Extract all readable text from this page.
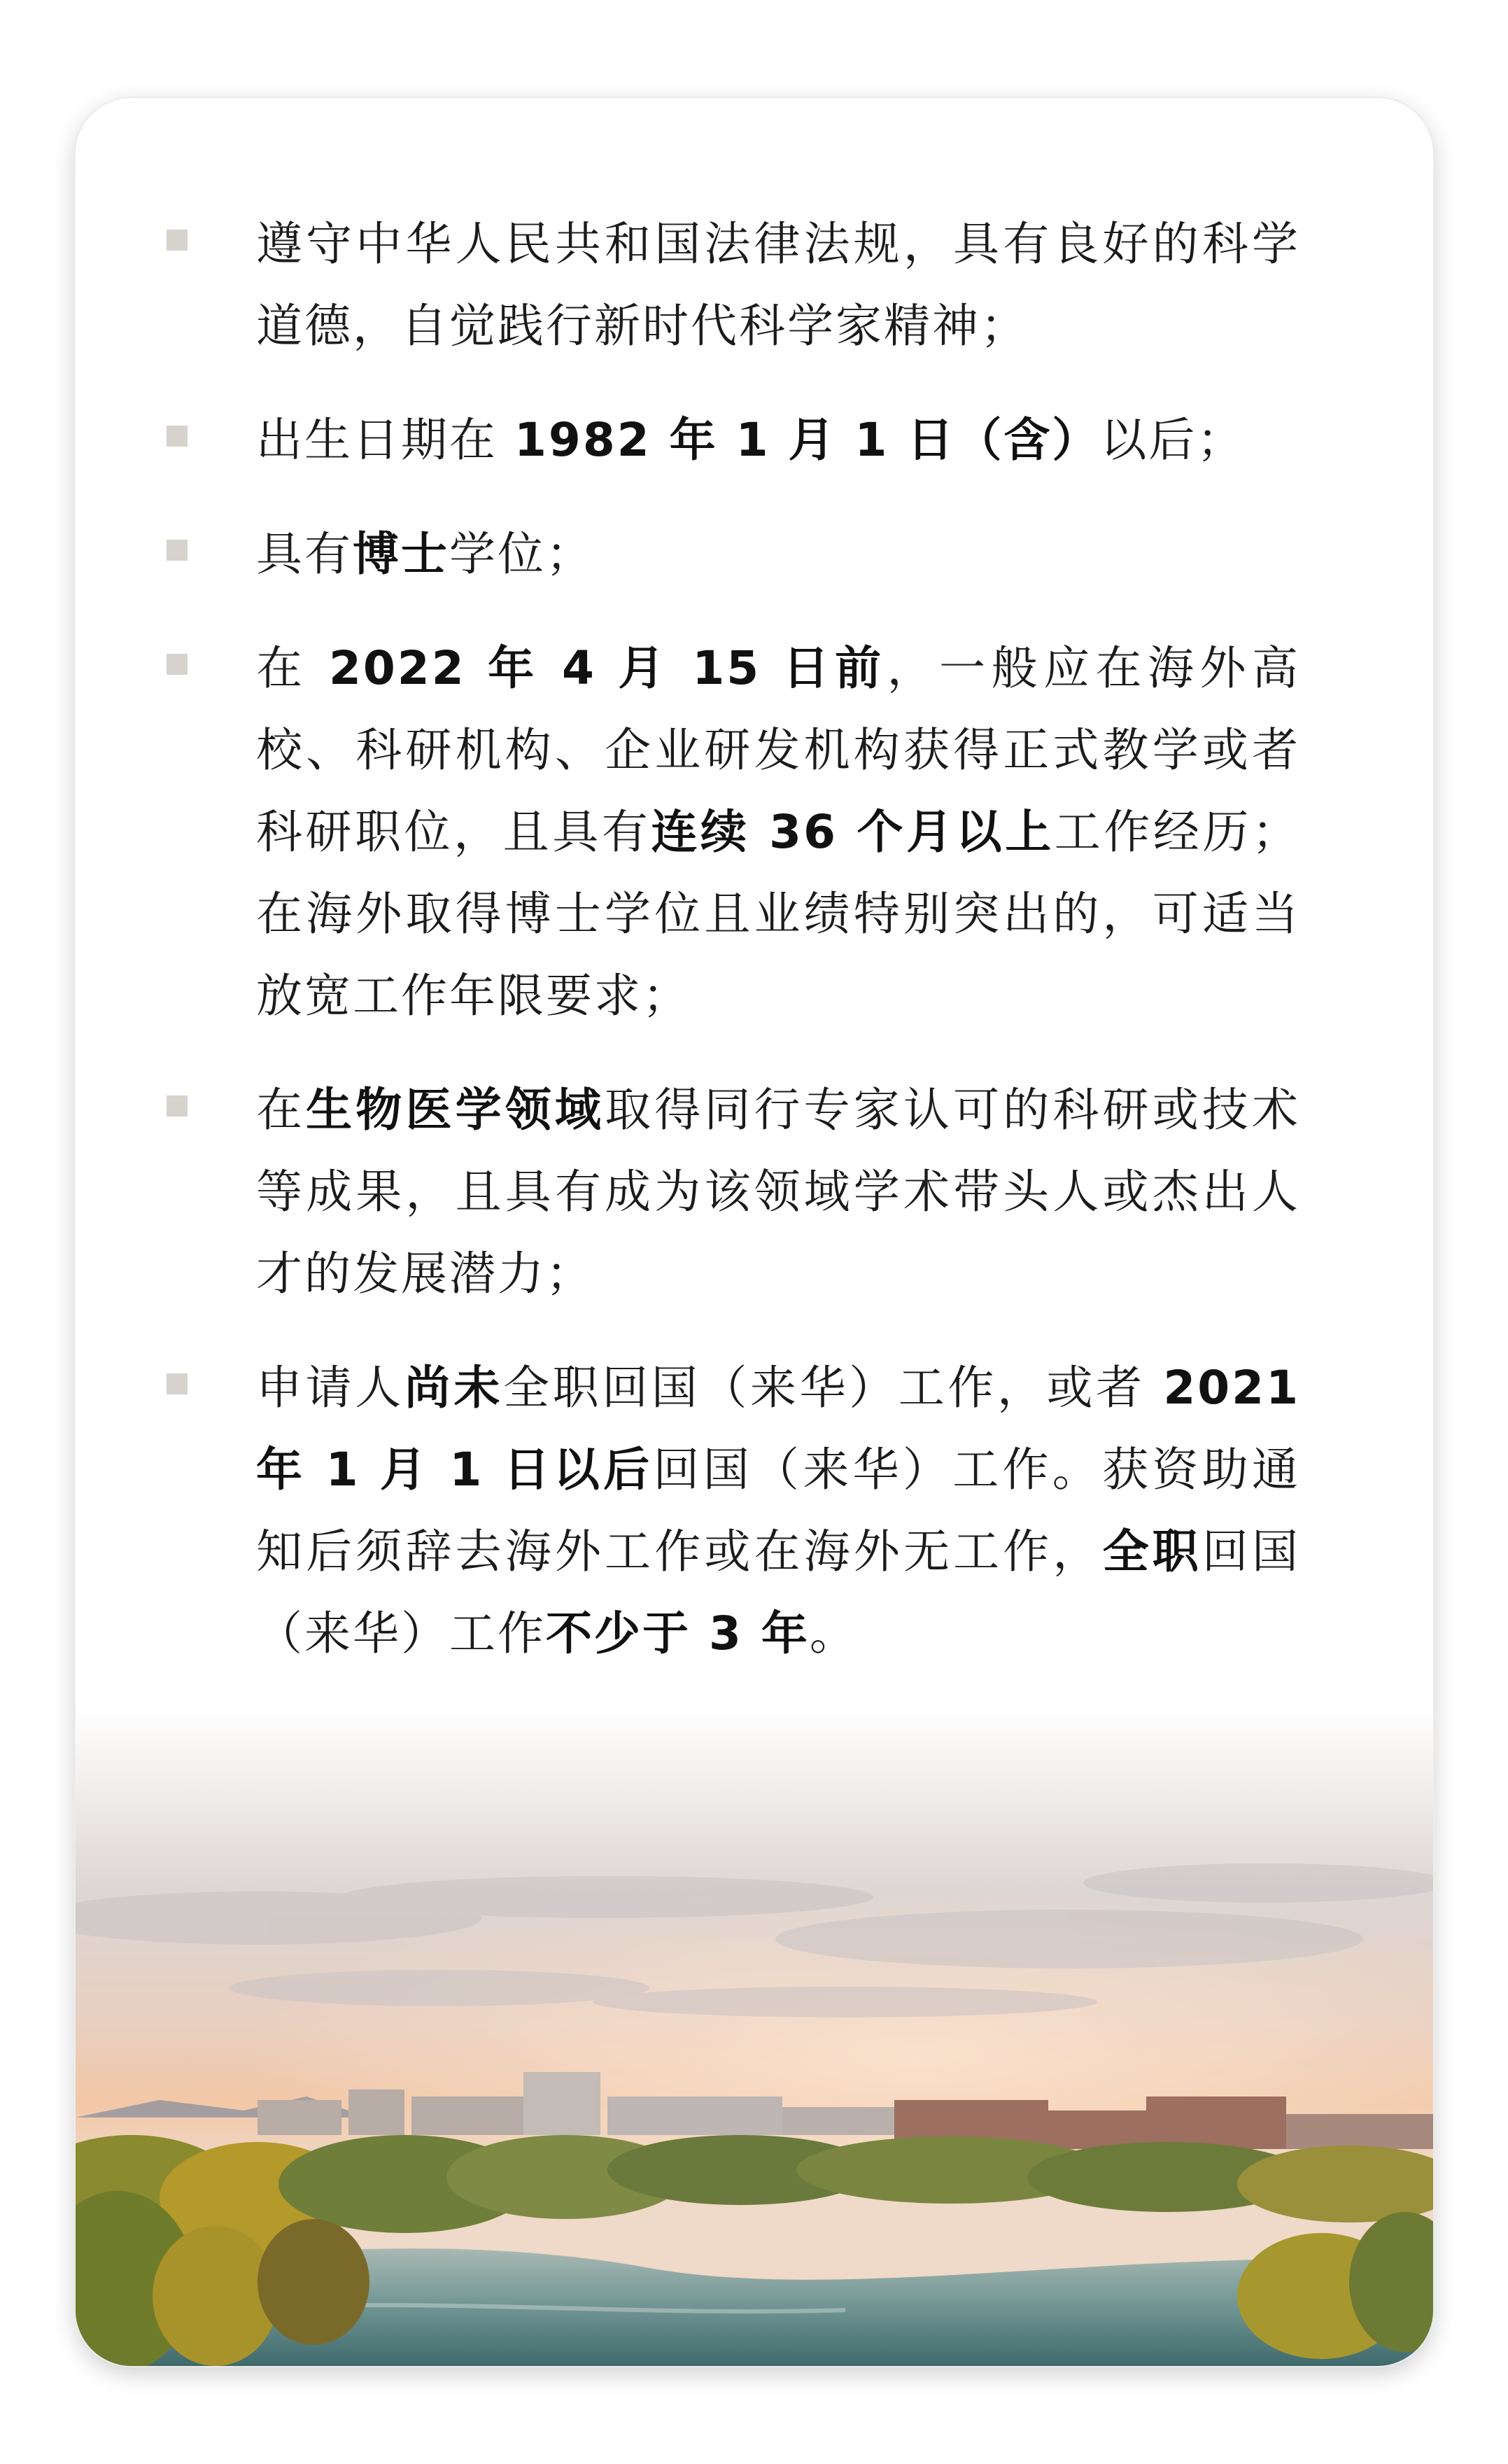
遵守中华人民共和国法律法规，具有良好的科学道德，自觉践行新时代科学家精神；

出生日期在 1982 年 1 月 1 日（含）以后；

具有博士学位；

在 2022 年 4 月 15 日前，一般应在海外高校、科研机构、企业研发机构获得正式教学或者科研职位，且具有连续 36 个月以上工作经历；在海外取得博士学位且业绩特别突出的，可适当放宽工作年限要求；

在生物医学领域取得同行专家认可的科研或技术等成果，且具有成为该领域学术带头人或杰出人才的发展潜力；

申请人尚未全职回国（来华）工作，或者 2021 年 1 月 1 日以后回国（来华）工作。获资助通知后须辞去海外工作或在海外无工作，全职回国（来华）工作不少于 3 年。
